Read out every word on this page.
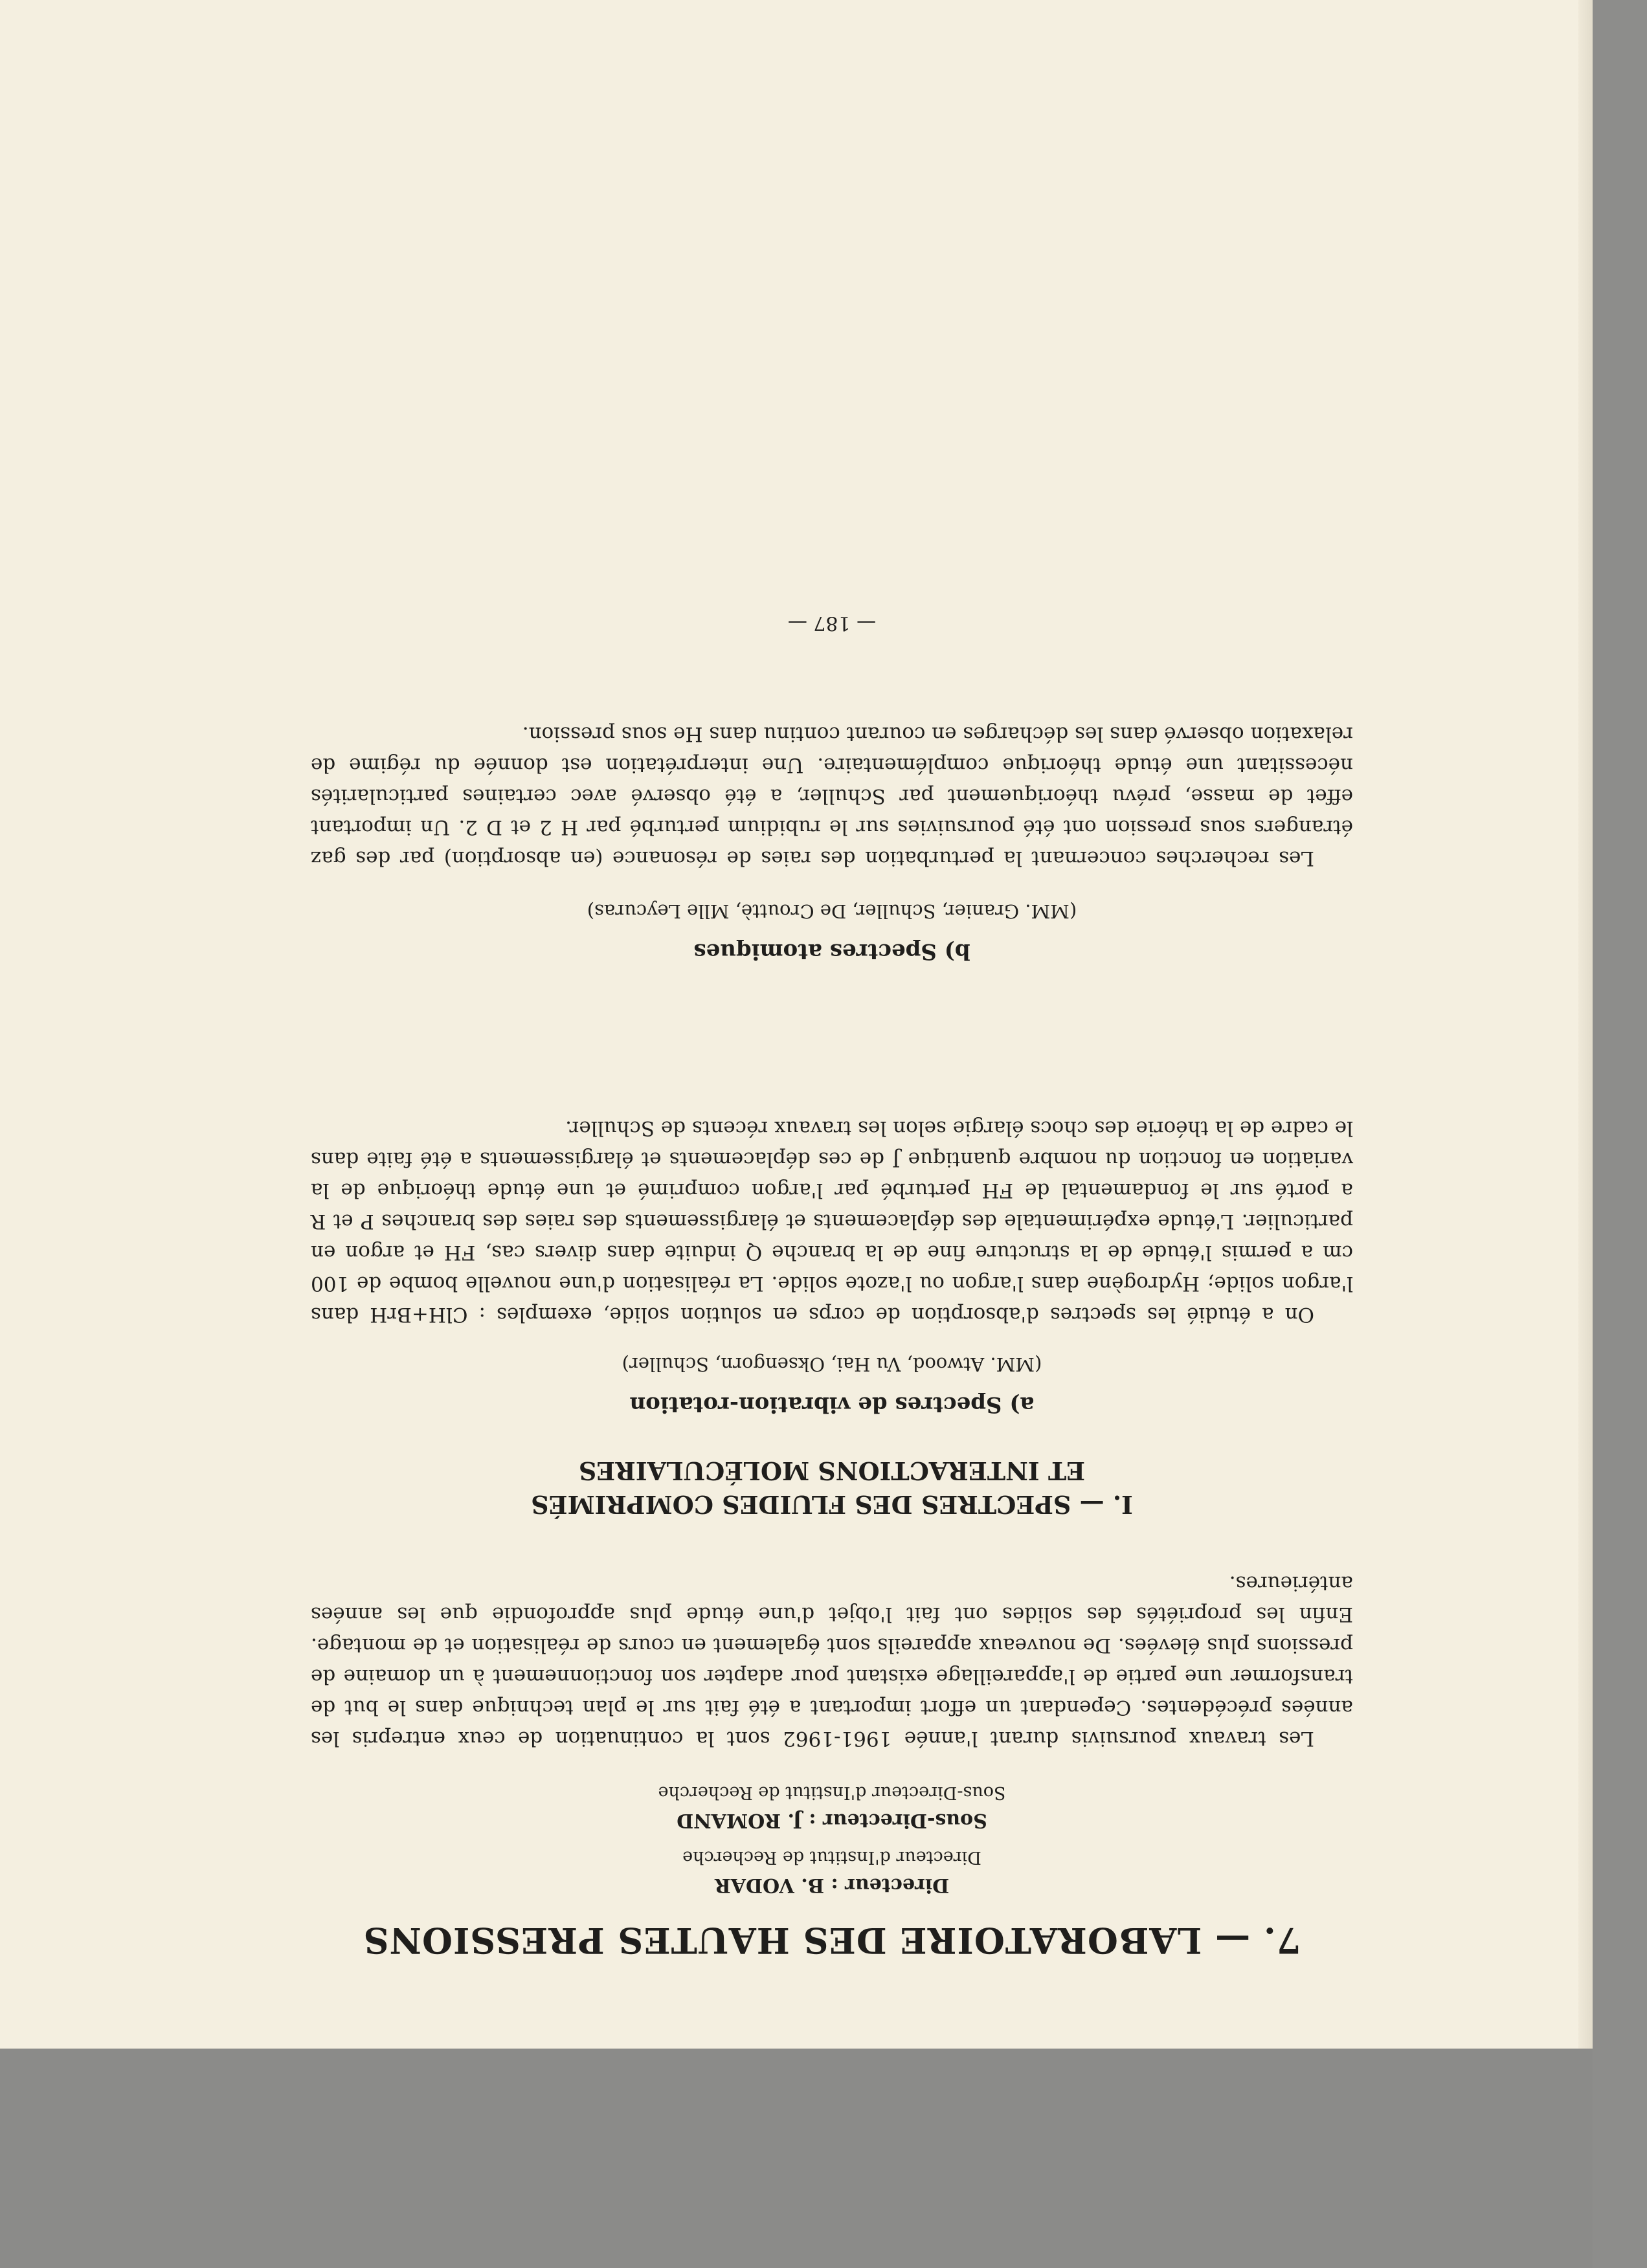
7. — LABORATOIRE DES HAUTES PRESSIONS
Directeur : B. VODAR
Directeur d'Institut de Recherche
Sous-Directeur : J. ROMAND
Sous-Directeur d'Institut de Recherche
Les travaux poursuivis durant l'année 1961-1962 sont la continuation de ceux entrepris les années précédentes. Cependant un effort important a été fait sur le plan technique dans le but de transformer une partie de l'appareillage existant pour adapter son fonctionnement à un domaine de pressions plus élevées. De nouveaux appareils sont également en cours de réalisation et de montage. Enfin les propriétés des solides ont fait l'objet d'une étude plus approfondie que les années antérieures.
I. — SPECTRES DES FLUIDES COMPRIMÉS
ET INTERACTIONS MOLÉCULAIRES
a) Spectres de vibration-rotation
(MM. Atwood, Vu Hai, Oksengorn, Schuller)
On a étudié les spectres d'absorption de corps en solution solide, exemples : ClH+BrH dans l'argon solide; Hydrogène dans l'argon ou l'azote solide. La réalisation d'une nouvelle bombe de 100 cm a permis l'étude de la structure fine de la branche Q induite dans divers cas, FH et argon en particulier. L'étude expérimentale des déplacements et élargissements des raies des branches P et R a porté sur le fondamental de FH perturbé par l'argon comprimé et une étude théorique de la variation en fonction du nombre quantique J de ces déplacements et élargissements a été faite dans le cadre de la théorie des chocs élargie selon les travaux récents de Schuller.
b) Spectres atomiques
(MM. Granier, Schuller, De Crouttè, Mlle Leycuras)
Les recherches concernant la perturbation des raies de résonance (en absorption) par des gaz étrangers sous pression ont été poursuivies sur le rubidium perturbé par H 2 et D 2. Un important effet de masse, prévu théoriquement par Schuller, a été observé avec certaines particularités nécessitant une étude théorique complémentaire. Une interprétation est donnée du régime de relaxation observé dans les décharges en courant continu dans He sous pression.
— 187 —
